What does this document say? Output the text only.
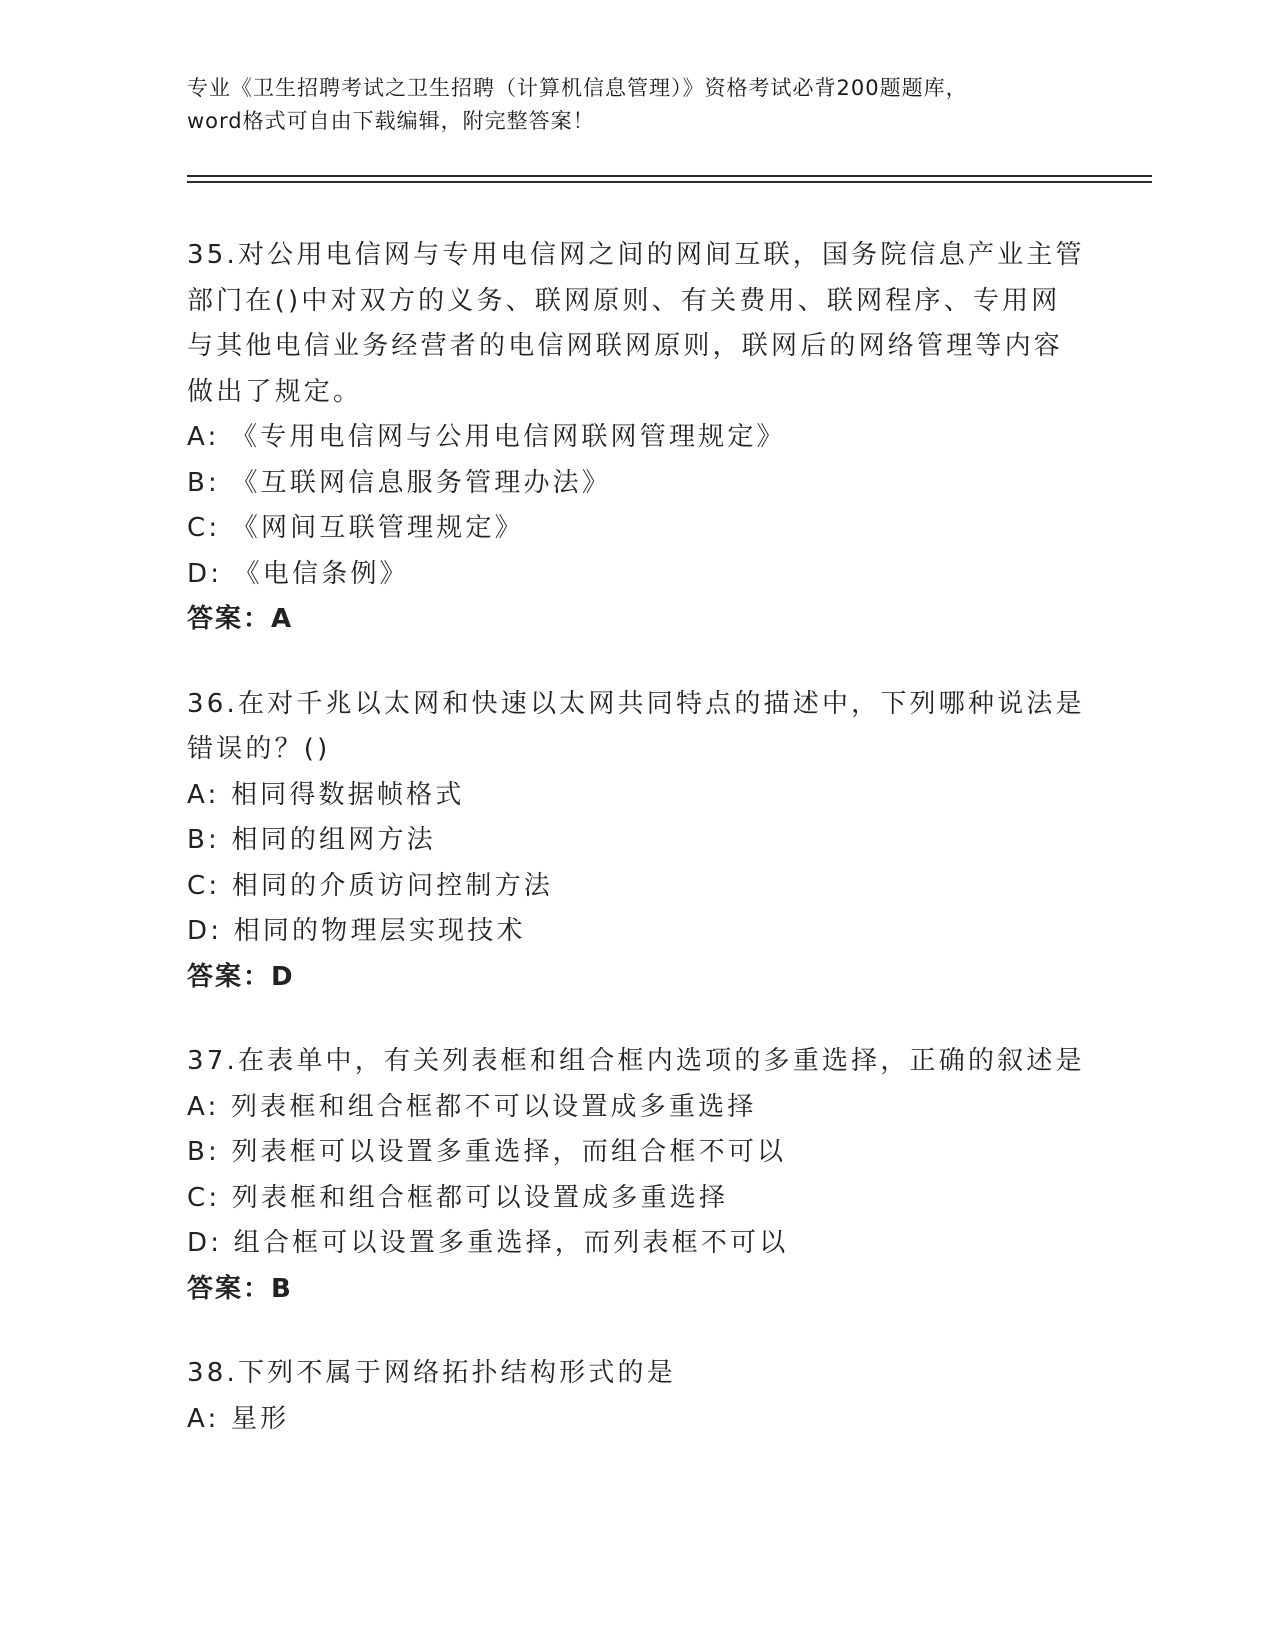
专业《卫生招聘考试之卫生招聘（计算机信息管理）》资格考试必背200题题库，
word格式可自由下载编辑，附完整答案！
35.对公用电信网与专用电信网之间的网间互联，国务院信息产业主管
部门在()中对双方的义务、联网原则、有关费用、联网程序、专用网
与其他电信业务经营者的电信网联网原则，联网后的网络管理等内容
做出了规定。
A: 《专用电信网与公用电信网联网管理规定》
B: 《互联网信息服务管理办法》
C: 《网间互联管理规定》
D: 《电信条例》
答案：A
36.在对千兆以太网和快速以太网共同特点的描述中，下列哪种说法是
错误的？()
A: 相同得数据帧格式
B: 相同的组网方法
C: 相同的介质访问控制方法
D: 相同的物理层实现技术
答案：D
37.在表单中，有关列表框和组合框内选项的多重选择，正确的叙述是
A: 列表框和组合框都不可以设置成多重选择
B: 列表框可以设置多重选择，而组合框不可以
C: 列表框和组合框都可以设置成多重选择
D: 组合框可以设置多重选择，而列表框不可以
答案：B
38.下列不属于网络拓扑结构形式的是
A: 星形
